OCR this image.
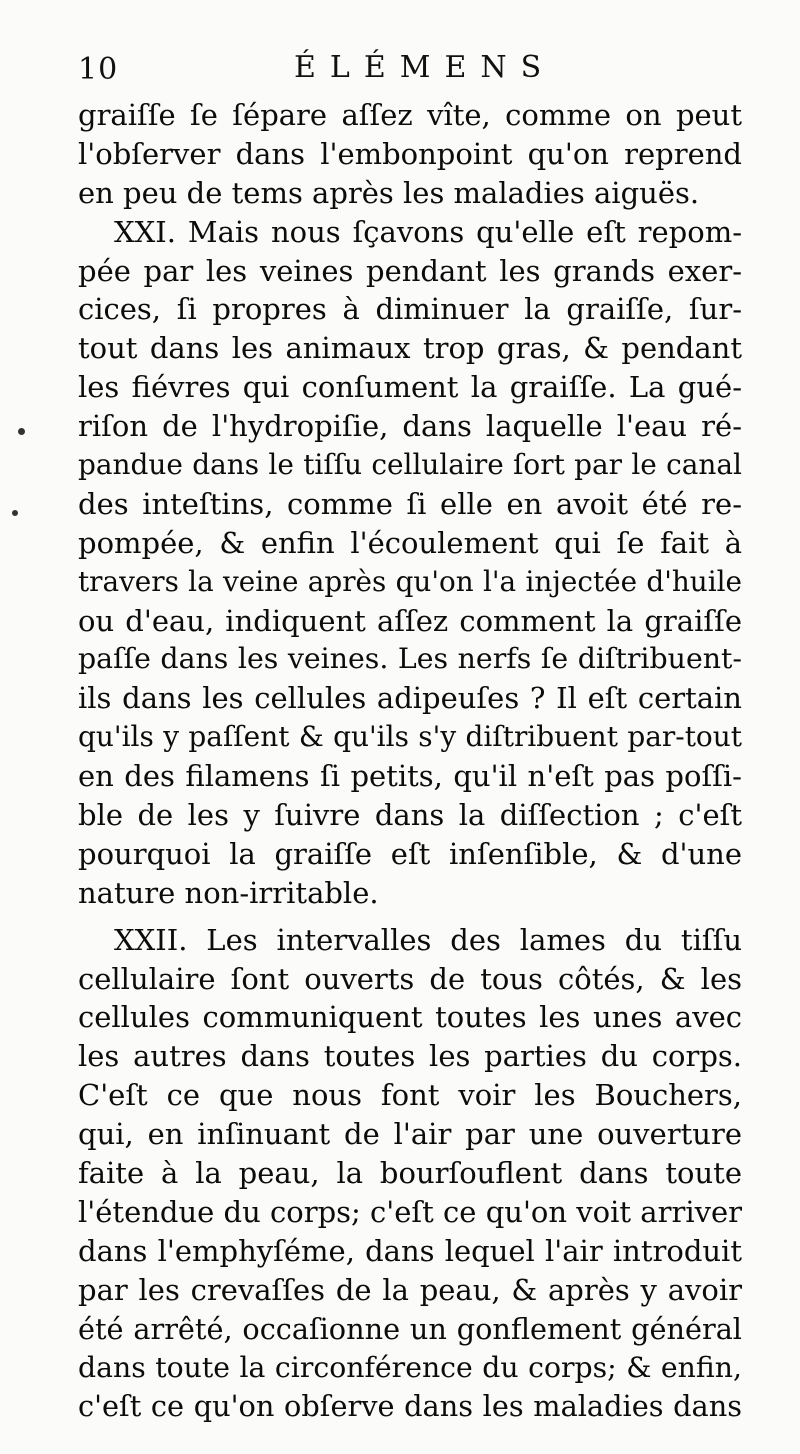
10	ÉLÉMENS
graiſſe ſe ſépare aſſez vîte, comme on peut
l'obſerver dans l'embonpoint qu'on reprend
en peu de tems après les maladies aiguës.
XXI. Mais nous ſçavons qu'elle eſt repom-
pée par les veines pendant les grands exer-
cices, ſi propres à diminuer la graiſſe, ſur-
tout dans les animaux trop gras, & pendant
les fiévres qui conſument la graiſſe. La gué-
riſon de l'hydropiſie, dans laquelle l'eau ré-
pandue dans le tiſſu cellulaire ſort par le canal
des inteſtins, comme ſi elle en avoit été re-
pompée, & enfin l'écoulement qui ſe fait à
travers la veine après qu'on l'a injectée d'huile
ou d'eau, indiquent aſſez comment la graiſſe
paſſe dans les veines. Les nerfs ſe diſtribuent-
ils dans les cellules adipeuſes ? Il eſt certain
qu'ils y paſſent & qu'ils s'y diſtribuent par-tout
en des filamens ſi petits, qu'il n'eſt pas poſſi-
ble de les y ſuivre dans la diſſection ; c'eſt
pourquoi la graiſſe eſt inſenſible, & d'une
nature non-irritable.
XXII. Les intervalles des lames du tiſſu
cellulaire ſont ouverts de tous côtés, & les
cellules communiquent toutes les unes avec
les autres dans toutes les parties du corps.
C'eſt ce que nous font voir les Bouchers,
qui, en inſinuant de l'air par une ouverture
faite à la peau, la bourſouflent dans toute
l'étendue du corps; c'eſt ce qu'on voit arriver
dans l'emphyſéme, dans lequel l'air introduit
par les crevaſſes de la peau, & après y avoir
été arrêté, occaſionne un gonflement général
dans toute la circonférence du corps; & enfin,
c'eſt ce qu'on obſerve dans les maladies dans
